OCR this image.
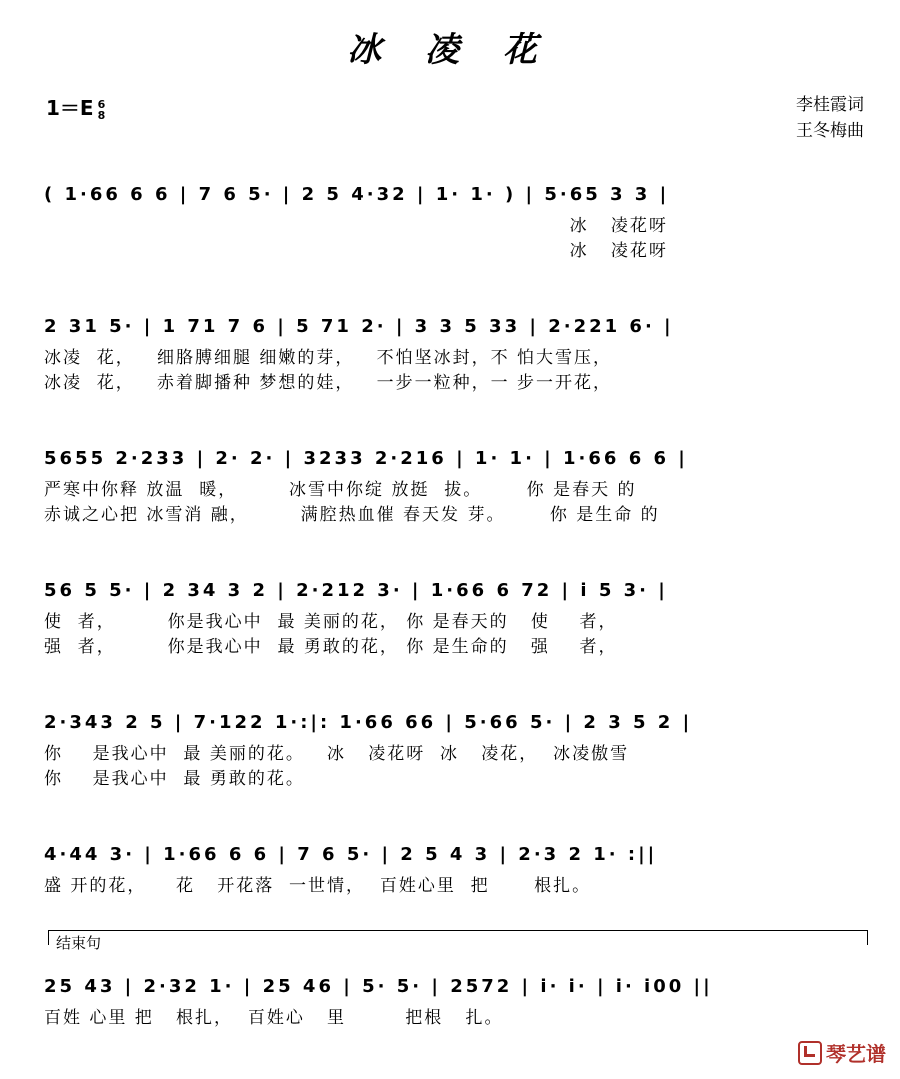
冰 凌 花
1＝E 6
8	李桂霞词
王冬梅曲
( 1·66 6 6 | 7 6 5· | 2 5 4·32 | 1· 1· ) | 5·65 3 3 |
冰   凌花呀
冰   凌花呀
2 31 5· | 1 71 7 6 | 5 71 2· | 3 3 5 33 | 2·221 6· |
冰凌  花，   细胳膊细腿 细嫩的芽，   不怕坚冰封，不 怕大雪压，
冰凌  花，   赤着脚播种 梦想的娃，   一步一粒种，一 步一开花，
5655 2·233 | 2· 2· | 3233 2·216 | 1· 1· | 1·66 6 6 |
严寒中你释 放温  暖，       冰雪中你绽 放挺  拔。      你 是春天 的
赤诚之心把 冰雪消 融，       满腔热血催 春天发 芽。      你 是生命 的
56 5 5· | 2 34 3 2 | 2·212 3· | 1·66 6 72 | i 5 3· |
使  者，       你是我心中  最 美丽的花， 你 是春天的   使    者，
强  者，       你是我心中  最 勇敢的花， 你 是生命的   强    者，
2·343 2 5 | 7·122 1·:|: 1·66 66 | 5·66 5· | 2 3 5 2 |
你    是我心中  最 美丽的花。   冰   凌花呀  冰   凌花，  冰凌傲雪
你    是我心中  最 勇敢的花。
4·44 3· | 1·66 6 6 | 7 6 5· | 2 5 4 3 | 2·3 2 1· :||
盛 开的花，    花   开花落  一世情，  百姓心里  把      根扎。
结束句
25 43 | 2·32 1· | 25 46 | 5· 5· | 2572 | i· i· | i· i00 ||
百姓 心里 把   根扎，  百姓心   里        把根   扎。
琴艺谱
